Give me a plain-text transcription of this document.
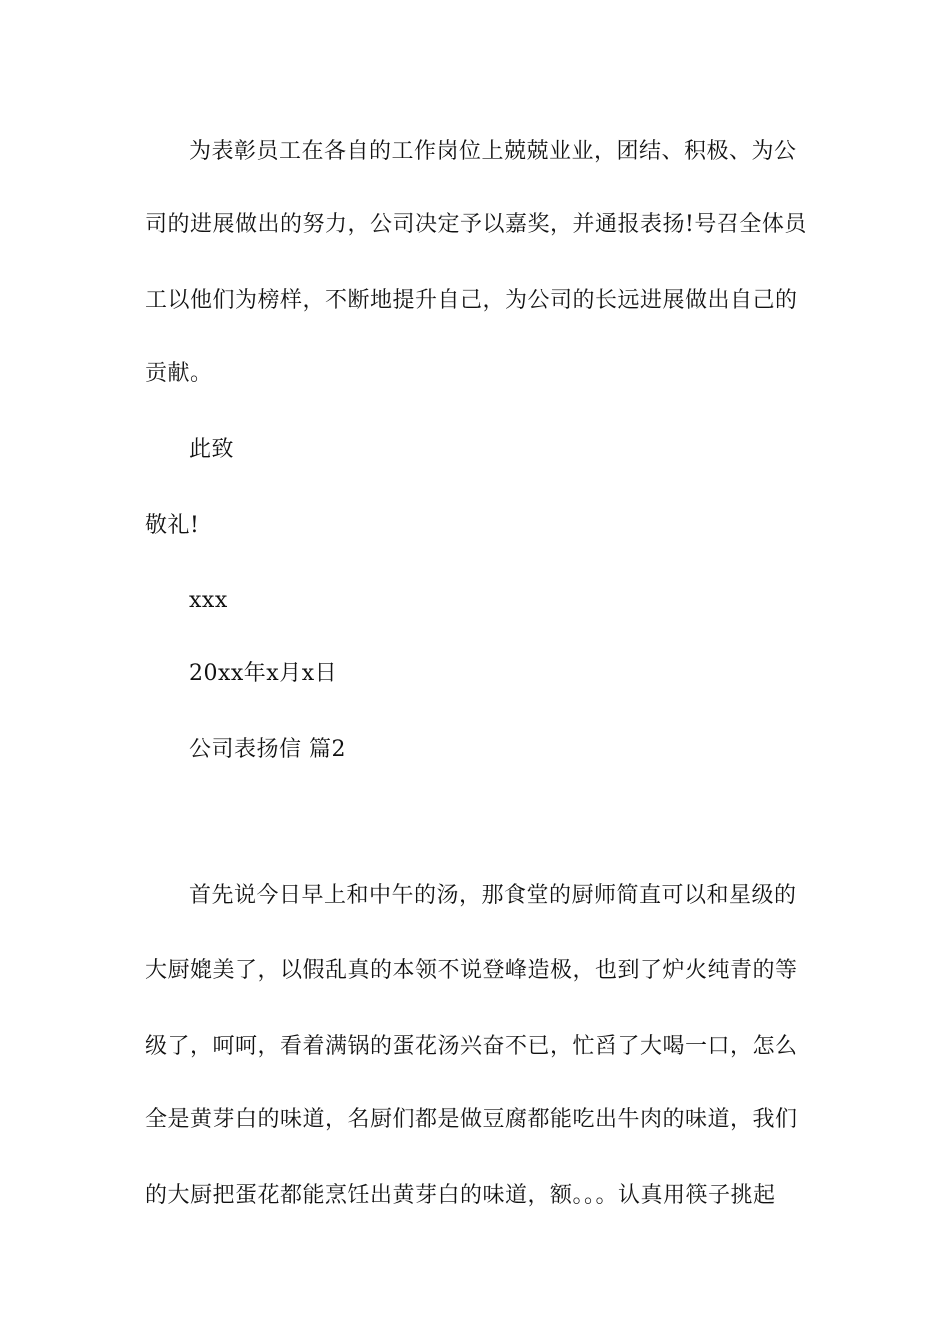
为表彰员工在各自的工作岗位上兢兢业业，团结、积极、为公
司的进展做出的努力，公司决定予以嘉奖，并通报表扬!号召全体员
工以他们为榜样，不断地提升自己，为公司的长远进展做出自己的
贡献。
此致
敬礼!
xxx
20xx年x月x日
公司表扬信 篇2
首先说今日早上和中午的汤，那食堂的厨师简直可以和星级的
大厨媲美了，以假乱真的本领不说登峰造极，也到了炉火纯青的等
级了，呵呵，看着满锅的蛋花汤兴奋不已，忙舀了大喝一口，怎么
全是黄芽白的味道，名厨们都是做豆腐都能吃出牛肉的味道，我们
的大厨把蛋花都能烹饪出黄芽白的味道，额。。。认真用筷子挑起
